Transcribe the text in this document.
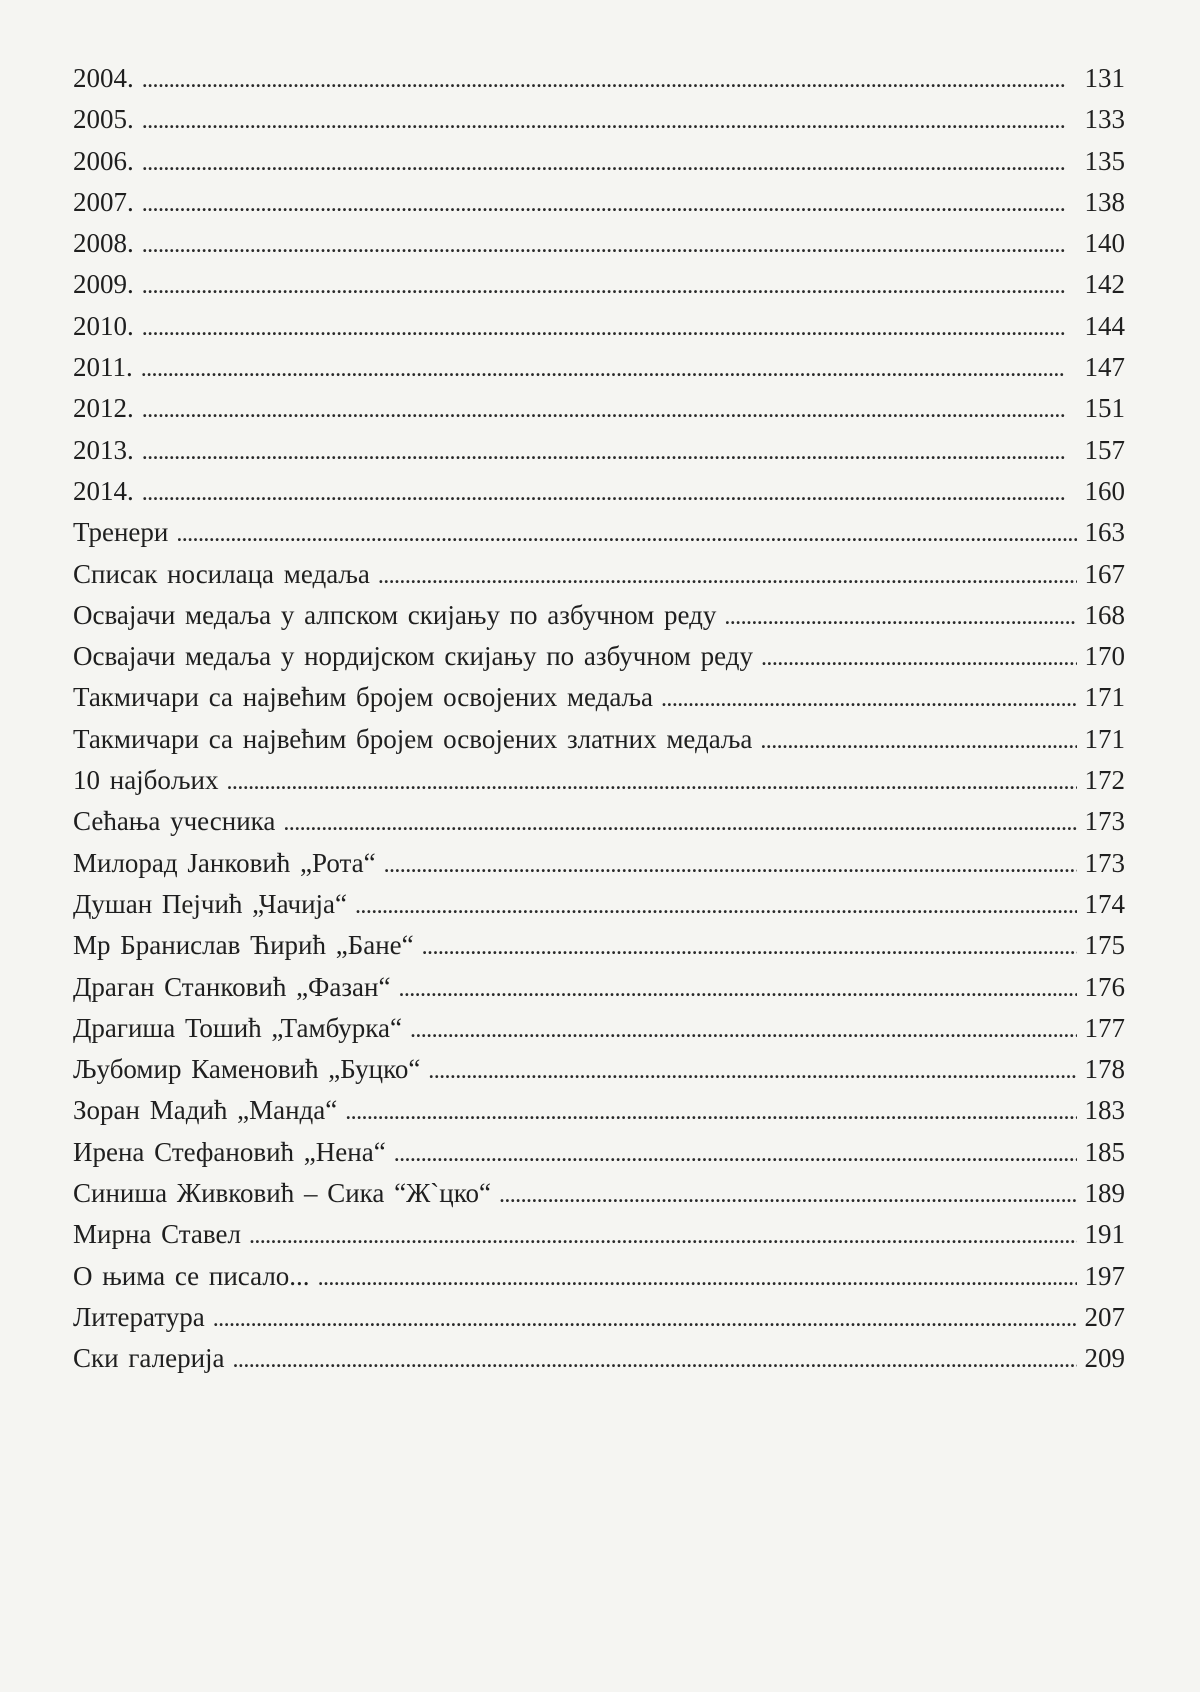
2004. . . .	131
2005. . . .	133
2006. . . .	135
2007. . . .	138
2008. . . .	140
2009. . . .	142
2010. . . .	144
2011. . . .	147
2012. . . .	151
2013. . . .	157
2014. . . .	160
Тренери . . .	163
Списак носилаца медаља . . .	167
Освајачи медаља у алпском скијању по азбучном реду . . .	168
Освајачи медаља у нордијском скијању по азбучном реду . . .	170
Такмичари са највећим бројем освојених медаља . . .	171
Такмичари са највећим бројем освојених златних медаља . . .	171
10 најбољих . . .	172
Сећања учесника . . .	173
Милорад Јанковић „Рота“ . . .	173
Душан Пејчић „Чачија“ . . .	174
Мр Бранислав Ћирић „Бане“ . . .	175
Драган Станковић „Фазан“ . . .	176
Драгиша Тошић „Тамбурка“ . . .	177
Љубомир Каменовић „Буцко“ . . .	178
Зоран Мадић „Манда“ . . .	183
Ирена Стефановић „Нена“ . . .	185
Синиша Живковић – Сика “Ж`цко“ . . .	189
Мирна Ставел . . .	191
О њима се писало... . . .	197
Литература . . .	207
Ски галерија . . .	209
